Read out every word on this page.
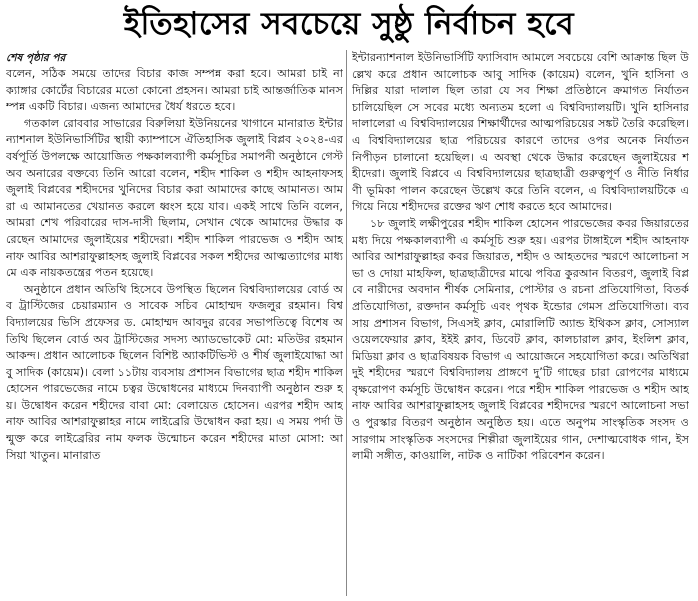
ইতিহাসের সবচেয়ে সুষ্ঠু নির্বাচন হবে

শেষ পৃষ্ঠার পর
বলেন, সঠিক সময়ে তাদের বিচার কাজ সম্পন্ন করা হবে। আমরা চাই না ক্যাঙ্গার কোর্টের বিচারের মতো কোনো প্রহসন। আমরা চাই আন্তর্জাতিক মানসম্পন্ন একটি বিচার। এজন্য আমাদের ধৈর্য ধরতে হবে।

গতকাল রোববার সাভারের বিরুলিয়া ইউনিয়নের খাগানে মানারাত ইন্টারন্যাশনাল ইউনিভার্সিটির স্থায়ী ক্যাম্পাসে ঐতিহাসিক জুলাই বিপ্লব ২০২৪-এর বর্ষপূর্তি উপলক্ষে আয়োজিত পক্ষকালব্যাপী কর্মসূচির সমাপনী অনুষ্ঠানে গেস্ট অব অনারের বক্তব্যে তিনি আরো বলেন, শহীদ শাকিল ও শহীদ আহনাফসহ জুলাই বিপ্লবের শহীদদের খুনিদের বিচার করা আমাদের কাছে আমানত। আমরা এ আমানতের খেয়ানত করলে ধ্বংস হয়ে যাব। একই সাথে তিনি বলেন, আমরা শেখ পরিবারের দাস-দাসী ছিলাম, সেখান থেকে আমাদের উদ্ধার করেছেন আমাদের জুলাইয়ের শহীদেরা। শহীদ শাকিল পারভেজ ও শহীদ আহনাফ আবির আশরাফুল্লাহসহ জুলাই বিপ্লবের সকল শহীদের আত্মত্যাগের মাধ্যমে এক নায়কতন্ত্রের পতন হয়েছে।

অনুষ্ঠানে প্রধান অতিথি হিসেবে উপস্থিত ছিলেন বিশ্ববিদ্যালয়ের বোর্ড অব ট্রাস্টিজের চেয়ারম্যান ও সাবেক সচিব মোহাম্মদ ফজলুর রহমান। বিশ্ববিদ্যালয়ের ভিসি প্রফেসর ড. মোহাম্মদ আবদুর রবের সভাপতিত্বে বিশেষ অতিথি ছিলেন বোর্ড অব ট্রাস্টিজের সদস্য অ্যাডভোকেট মো: মতিউর রহমান আকন্দ। প্রধান আলোচক ছিলেন বিশিষ্ট অ্যাকটিভিস্ট ও শীর্ষ জুলাইযোদ্ধা আবু সাদিক (কায়েম)। বেলা ১১টায় ব্যবসায় প্রশাসন বিভাগের ছাত্র শহীদ শাকিল হোসেন পারভেজের নামে চত্বর উদ্বোধনের মাধ্যমে দিনব্যাপী অনুষ্ঠান শুরু হয়। উদ্বোধন করেন শহীদের বাবা মো: বেলায়েত হোসেন। এরপর শহীদ আহনাফ আবির আশরাফুল্লাহর নামে লাইব্রেরি উদ্বোধন করা হয়। এ সময় পর্দা উন্মুক্ত করে লাইব্রেরির নাম ফলক উন্মোচন করেন শহীদের মাতা মোসা: আসিয়া খাতুন। মানারাত

ইন্টারন্যাশনাল ইউনিভার্সিটি ফ্যাসিবাদ আমলে সবচেয়ে বেশি আক্রান্ত ছিল উল্লেখ করে প্রধান আলোচক আবু সাদিক (কায়েম) বলেন, খুনি হাসিনা ও দিল্লির যারা দালাল ছিল তারা যে সব শিক্ষা প্রতিষ্ঠানে ক্রমাগত নির্যাতন চালিয়েছিল সে সবের মধ্যে অন্যতম হলো এ বিশ্ববিদ্যালয়টি। খুনি হাসিনার দালালেরা এ বিশ্ববিদ্যালয়ের শিক্ষার্থীদের আত্মপরিচয়ের সঙ্কট তৈরি করেছিল। এ বিশ্ববিদ্যালয়ের ছাত্র পরিচয়ের কারণে তাদের ওপর অনেক নির্যাতন নিপীড়ন চালানো হয়েছিল। এ অবস্থা থেকে উদ্ধার করেছেন জুলাইয়ের শহীদেরা। জুলাই বিপ্লবে এ বিশ্ববিদ্যালয়ের ছাত্রছাত্রী গুরুত্বপূর্ণ ও নীতি নির্ধারণী ভূমিকা পালন করেছেন উল্লেখ করে তিনি বলেন, এ বিশ্ববিদ্যালয়টিকে এগিয়ে নিয়ে শহীদদের রক্তের ঋণ শোধ করতে হবে আমাদের।

১৮ জুলাই লক্ষীপুরের শহীদ শাকিল হোসেন পারভেজের কবর জিয়ারতের মধ্য দিয়ে পক্ষকালব্যাপী এ কর্মসূচি শুরু হয়। এরপর টাঙ্গাইলে শহীদ আহনাফ আবির আশরাফুল্লাহর কবর জিয়ারত, শহীদ ও আহতদের স্মরণে আলোচনা সভা ও দোয়া মাহফিল, ছাত্রছাত্রীদের মাঝে পবিত্র কুরআন বিতরণ, জুলাই বিপ্লবে নারীদের অবদান শীর্ষক সেমিনার, পোস্টার ও রচনা প্রতিযোগিতা, বিতর্ক প্রতিযোগিতা, রক্তদান কর্মসূচি এবং পৃথক ইন্ডোর গেমস প্রতিযোগিতা। ব্যবসায় প্রশাসন বিভাগ, সিএসই ক্লাব, মোরালিটি অ্যান্ড ইথিকস ক্লাব, সোস্যাল ওয়েলফেয়ার ক্লাব, ইইই ক্লাব, ডিবেট ক্লাব, কালচারাল ক্লাব, ইংলিশ ক্লাব, মিডিয়া ক্লাব ও ছাত্রবিষয়ক বিভাগ এ আয়োজনে সহযোগিতা করে। অতিথিরা দুই শহীদের স্মরণে বিশ্ববিদ্যালয় প্রাঙ্গণে দু’টি গাছের চারা রোপণের মাধ্যমে বৃক্ষরোপণ কর্মসূচি উদ্বোধন করেন। পরে শহীদ শাকিল পারভেজ ও শহীদ আহনাফ আবির আশরাফুল্লাহসহ জুলাই বিপ্লবের শহীদদের স্মরণে আলোচনা সভা ও পুরস্কার বিতরণ অনুষ্ঠান অনুষ্ঠিত হয়। এতে অনুপম সাংস্কৃতিক সংসদ ও সারগাম সাংস্কৃতিক সংসদের শিল্পীরা জুলাইয়ের গান, দেশাত্মবোধক গান, ইসলামী সঙ্গীত, কাওয়ালি, নাটক ও নাটিকা পরিবেশন করেন।
